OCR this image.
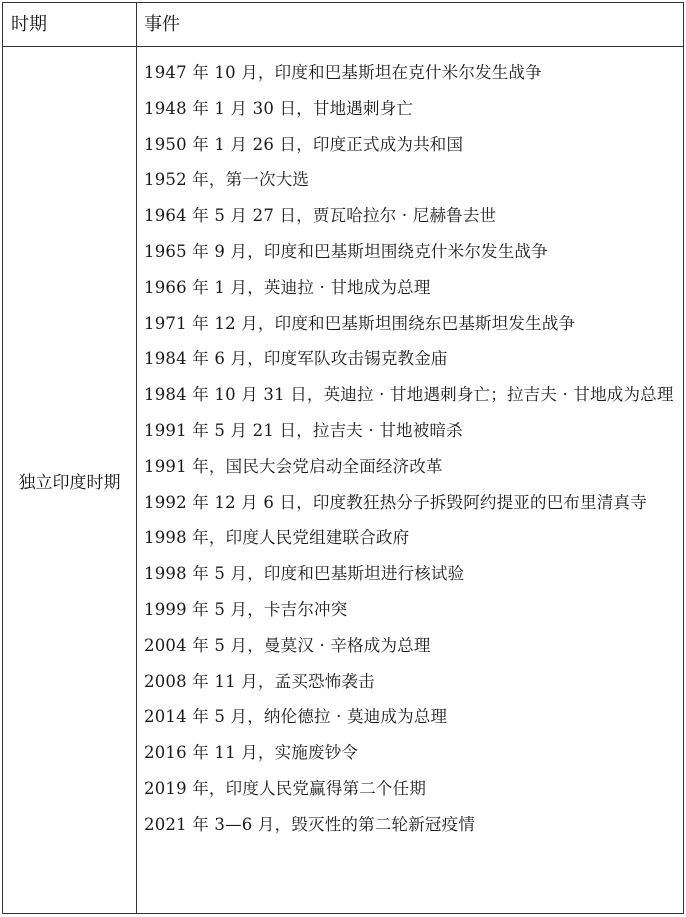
时期	事件
独立印度时期
1947 年 10 月，印度和巴基斯坦在克什米尔发生战争
1948 年 1 月 30 日，甘地遇刺身亡
1950 年 1 月 26 日，印度正式成为共和国
1952 年，第一次大选
1964 年 5 月 27 日，贾瓦哈拉尔 · 尼赫鲁去世
1965 年 9 月，印度和巴基斯坦围绕克什米尔发生战争
1966 年 1 月，英迪拉 · 甘地成为总理
1971 年 12 月，印度和巴基斯坦围绕东巴基斯坦发生战争
1984 年 6 月，印度军队攻击锡克教金庙
1984 年 10 月 31 日，英迪拉 · 甘地遇刺身亡；拉吉夫 · 甘地成为总理
1991 年 5 月 21 日，拉吉夫 · 甘地被暗杀
1991 年，国民大会党启动全面经济改革
1992 年 12 月 6 日，印度教狂热分子拆毁阿约提亚的巴布里清真寺
1998 年，印度人民党组建联合政府
1998 年 5 月，印度和巴基斯坦进行核试验
1999 年 5 月，卡吉尔冲突
2004 年 5 月，曼莫汉 · 辛格成为总理
2008 年 11 月，孟买恐怖袭击
2014 年 5 月，纳伦德拉 · 莫迪成为总理
2016 年 11 月，实施废钞令
2019 年，印度人民党赢得第二个任期
2021 年 3—6 月，毁灭性的第二轮新冠疫情
